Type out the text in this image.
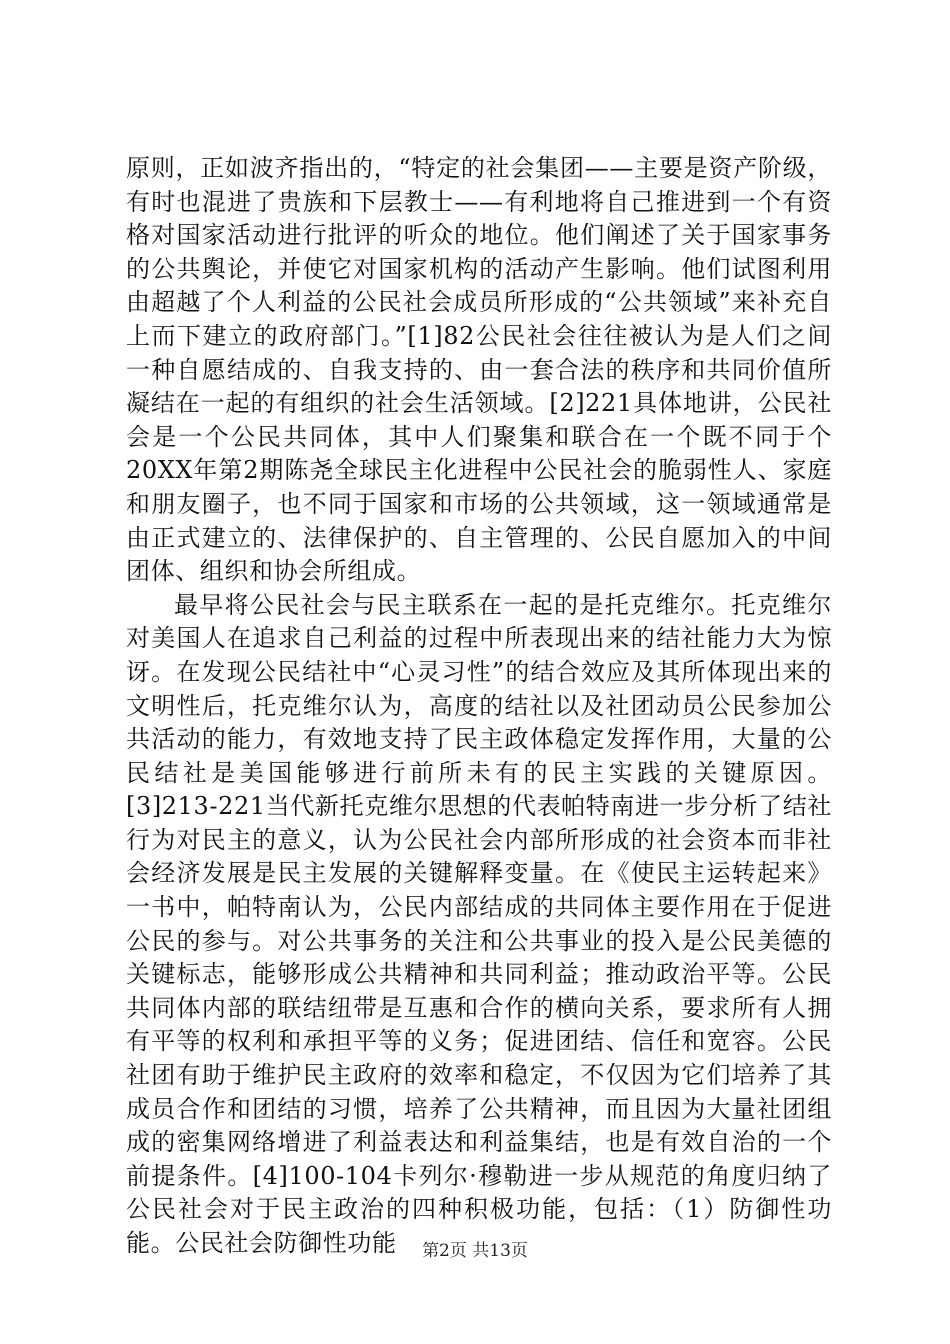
原则，正如波齐指出的，“特定的社会集团——主要是资产阶级，有时也混进了贵族和下层教士——有利地将自己推进到一个有资格对国家活动进行批评的听众的地位。他们阐述了关于国家事务的公共舆论，并使它对国家机构的活动产生影响。他们试图利用由超越了个人利益的公民社会成员所形成的“公共领域”来补充自上而下建立的政府部门。”[1]82公民社会往往被认为是人们之间一种自愿结成的、自我支持的、由一套合法的秩序和共同价值所凝结在一起的有组织的社会生活领域。[2]221具体地讲，公民社会是一个公民共同体，其中人们聚集和联合在一个既不同于个20XX年第2期陈尧全球民主化进程中公民社会的脆弱性人、家庭和朋友圈子，也不同于国家和市场的公共领域，这一领域通常是由正式建立的、法律保护的、自主管理的、公民自愿加入的中间团体、组织和协会所组成。

最早将公民社会与民主联系在一起的是托克维尔。托克维尔对美国人在追求自己利益的过程中所表现出来的结社能力大为惊讶。在发现公民结社中“心灵习性”的结合效应及其所体现出来的文明性后，托克维尔认为，高度的结社以及社团动员公民参加公共活动的能力，有效地支持了民主政体稳定发挥作用，大量的公民结社是美国能够进行前所未有的民主实践的关键原因。[3]213-221当代新托克维尔思想的代表帕特南进一步分析了结社行为对民主的意义，认为公民社会内部所形成的社会资本而非社会经济发展是民主发展的关键解释变量。在《使民主运转起来》一书中，帕特南认为，公民内部结成的共同体主要作用在于促进公民的参与。对公共事务的关注和公共事业的投入是公民美德的关键标志，能够形成公共精神和共同利益；推动政治平等。公民共同体内部的联结纽带是互惠和合作的横向关系，要求所有人拥有平等的权利和承担平等的义务；促进团结、信任和宽容。公民社团有助于维护民主政府的效率和稳定，不仅因为它们培养了其成员合作和团结的习惯，培养了公共精神，而且因为大量社团组成的密集网络增进了利益表达和利益集结，也是有效自治的一个前提条件。[4]100-104卡列尔·穆勒进一步从规范的角度归纳了公民社会对于民主政治的四种积极功能，包括：（1）防御性功能。公民社会防御性功能	第2页 共13页
